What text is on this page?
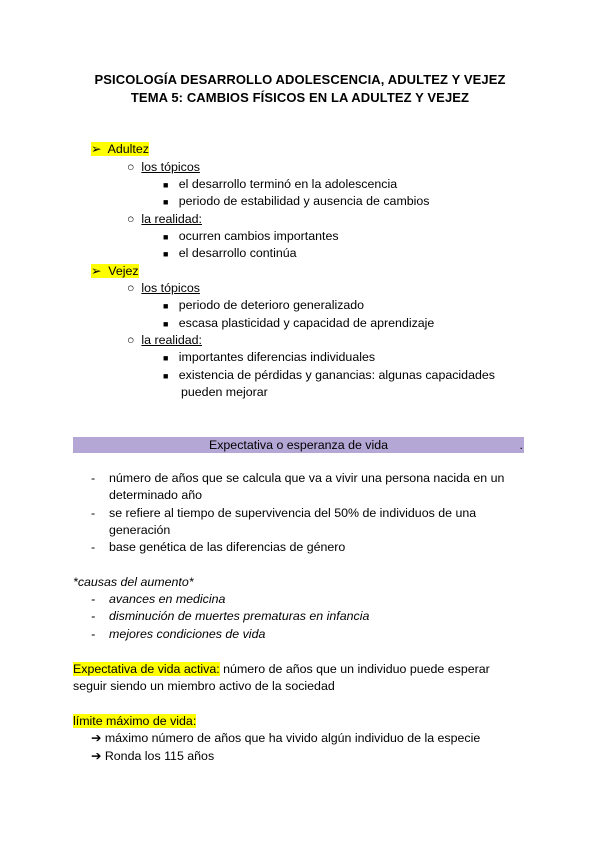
PSICOLOGÍA DESARROLLO ADOLESCENCIA, ADULTEZ Y VEJEZ
TEMA 5: CAMBIOS FÍSICOS EN LA ADULTEZ Y VEJEZ
➢ Adultez
○ los tópicos
■ el desarrollo terminó en la adolescencia
■ periodo de estabilidad y ausencia de cambios
○ la realidad:
■ ocurren cambios importantes
■ el desarrollo continúa
➢ Vejez
○ los tópicos
■ periodo de deterioro generalizado
■ escasa plasticidad y capacidad de aprendizaje
○ la realidad:
■ importantes diferencias individuales
■ existencia de pérdidas y ganancias: algunas capacidades
pueden mejorar
Expectativa o esperanza de vida	.
- número de años que se calcula que va a vivir una persona nacida en un
determinado año
- se refiere al tiempo de supervivencia del 50% de individuos de una
generación
- base genética de las diferencias de género
*causas del aumento*
- avances en medicina
- disminución de muertes prematuras en infancia
- mejores condiciones de vida
Expectativa de vida activa: número de años que un individuo puede esperar
seguir siendo un miembro activo de la sociedad
límite máximo de vida:
➔ máximo número de años que ha vivido algún individuo de la especie
➔ Ronda los 115 años
